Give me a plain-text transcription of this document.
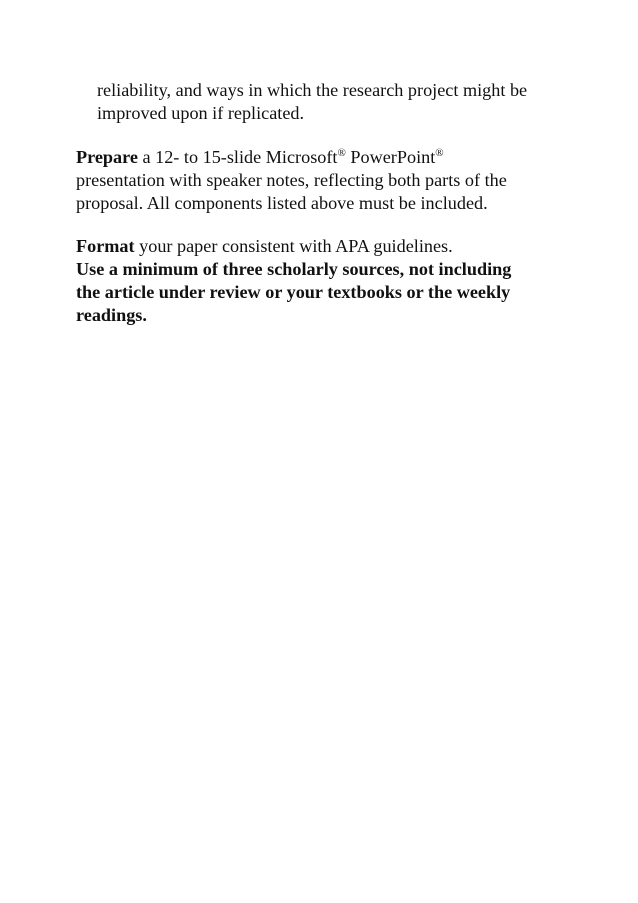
reliability, and ways in which the research project might be
improved upon if replicated.
Prepare a 12- to 15-slide Microsoft® PowerPoint®
presentation with speaker notes, reflecting both parts of the
proposal. All components listed above must be included.
Format your paper consistent with APA guidelines.
Use a minimum of three scholarly sources, not including
the article under review or your textbooks or the weekly
readings.
